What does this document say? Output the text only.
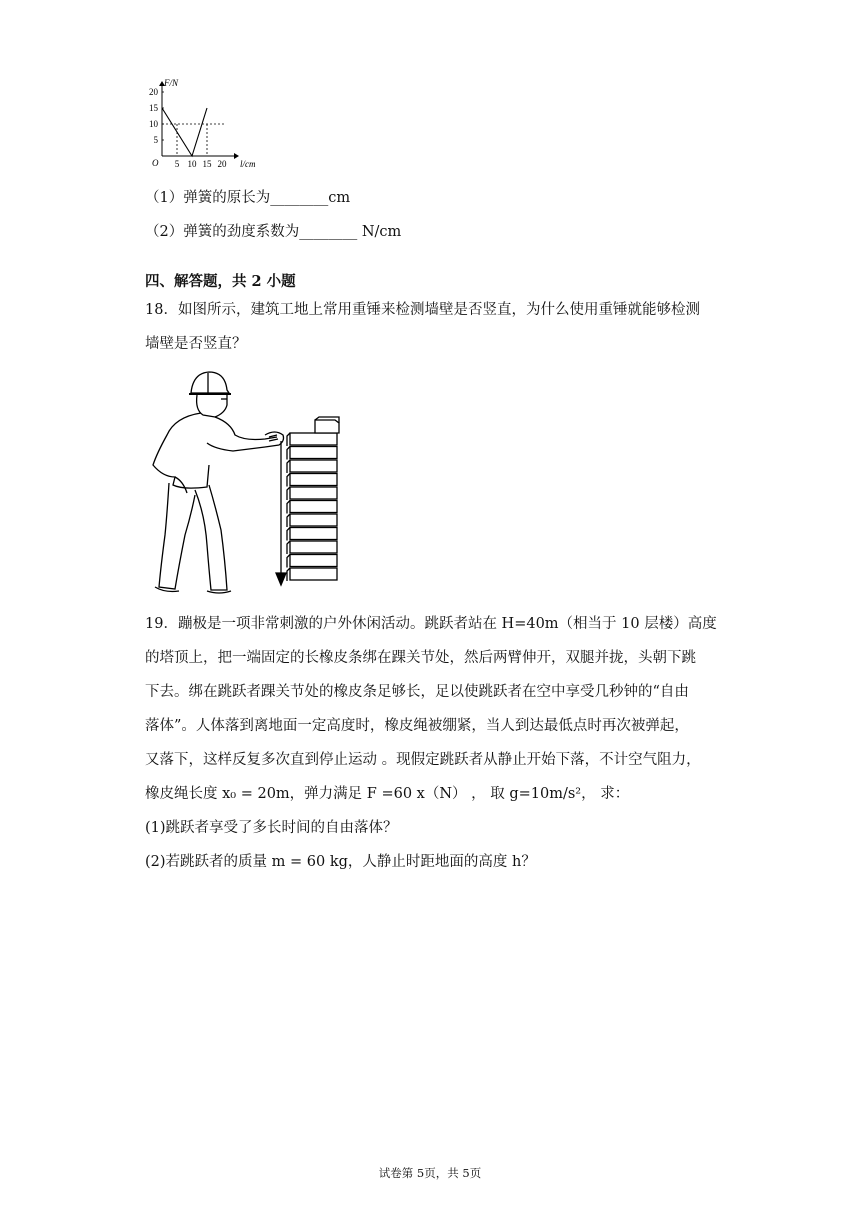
F/N
l/cm
O
5
10
15
20
5 10 15 20
（1）弹簧的原长为________cm
（2）弹簧的劲度系数为________ N/cm
四、解答题，共 2 小题
18．如图所示，建筑工地上常用重锤来检测墙壁是否竖直，为什么使用重锤就能够检测
墙壁是否竖直？
19．蹦极是一项非常刺激的户外休闲活动。跳跃者站在 H=40m（相当于 10 层楼）高度
的塔顶上，把一端固定的长橡皮条绑在踝关节处，然后两臂伸开，双腿并拢，头朝下跳
下去。绑在跳跃者踝关节处的橡皮条足够长，足以使跳跃者在空中享受几秒钟的“自由
落体”。人体落到离地面一定高度时，橡皮绳被绷紧，当人到达最低点时再次被弹起，
又落下，这样反复多次直到停止运动 。现假定跳跃者从静止开始下落，不计空气阻力，
橡皮绳长度 x₀ = 20m，弹力满足 F =60 x（N） ， 取 g=10m/s²， 求：
(1)跳跃者享受了多长时间的自由落体？
(2)若跳跃者的质量 m = 60 kg，人静止时距地面的高度 h？
试卷第 5页，共 5页
